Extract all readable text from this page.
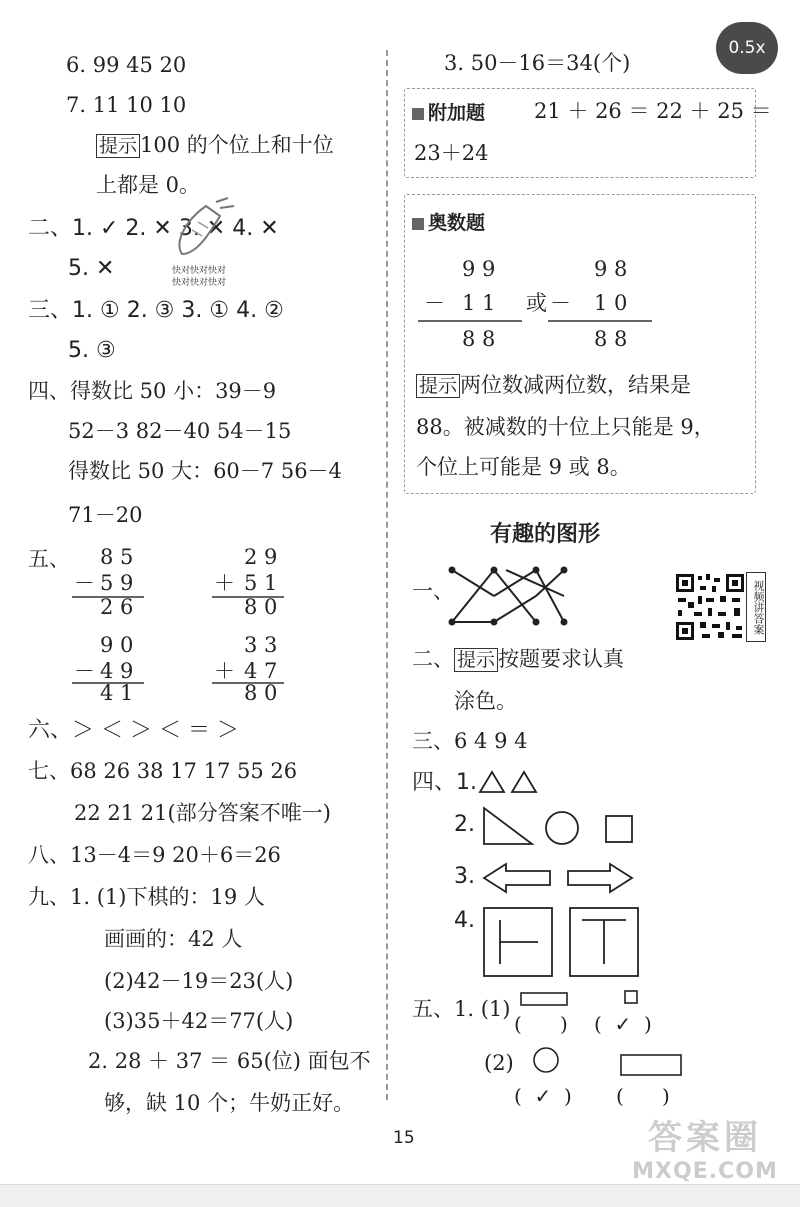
0.5x
6. 99 45 20
7. 11 10 10
提示 100 的个位上和十位
上都是 0。
二、1. ✓ 2. ✕ 3. ✕ 4. ✕
快对快对快对
快对快对快对
5. ✕
三、1. ① 2. ③ 3. ① 4. ②
5. ③
四、得数比 50 小：39－9
52－3 82－40 54－15
得数比 50 大：60－7 56－4
71－20
五、 8 5
－ 5 9
2 6
2 9
＋ 5 1
8 0
9 0
－ 4 9
4 1
3 3
＋ 4 7
8 0
六、＞ ＜ ＞ ＜ ＝ ＞
七、68 26 38 17 17 55 26
22 21 21(部分答案不唯一)
八、13－4＝9 20＋6＝26
九、1. (1)下棋的：19 人
画画的：42 人
(2)42－19＝23(人)
(3)35＋42＝77(人)
2. 28 ＋ 37 ＝ 65(位) 面包不
够，缺 10 个；牛奶正好。
3. 50－16＝34(个)
附加题 21 ＋ 26 ＝ 22 ＋ 25 ＝
23＋24
奥数题
9 9
－ 1 1
8 8
或
9 8
－ 1 0
8 8
提示 两位数减两位数，结果是
88。被减数的十位上只能是 9，
个位上可能是 9 或 8。
有趣的图形
一、	视频讲答案
二、 提示 按题要求认真
涂色。
三、6 4 9 4
四、1.
2.
3.
4.
五、1. (1)
(      ) (  ✓  )
(2)
(  ✓  ) (      )
15	答案圈
MXQE.COM
